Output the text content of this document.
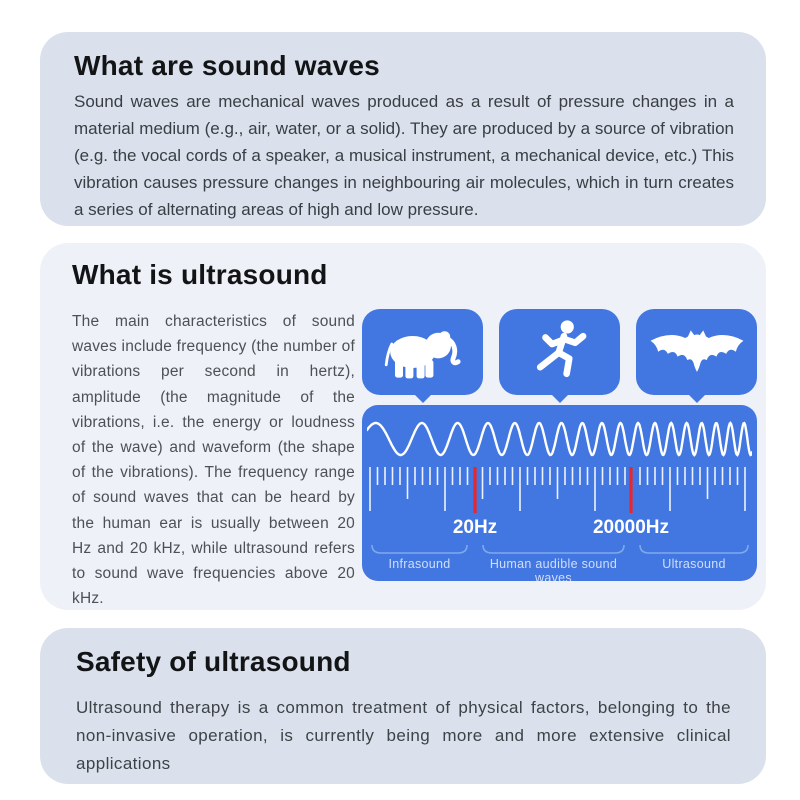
What are sound waves

Sound waves are mechanical waves produced as a result of pressure changes in a material medium (e.g., air, water, or a solid). They are produced by a source of vibration (e.g. the vocal cords of a speaker, a musical instrument, a mechanical device, etc.) This vibration causes pressure changes in neighbouring air molecules, which in turn creates a series of alternating areas of high and low pressure.

What is ultrasound

The main characteristics of sound waves include frequency (the number of vibrations per second in hertz), amplitude (the magnitude of the vibrations, i.e. the energy or loudness of the wave) and waveform (the shape of the vibrations). The frequency range of sound waves that can be heard by the human ear is usually between 20 Hz and 20 kHz, while ultrasound refers to sound wave frequencies above 20 kHz.

20Hz	20000Hz
Infrasound	Human audible sound waves
Ultrasound
Safety of ultrasound

Ultrasound therapy is a common treatment of physical factors, belonging to the non-invasive operation, is currently being more and more extensive clinical applications
